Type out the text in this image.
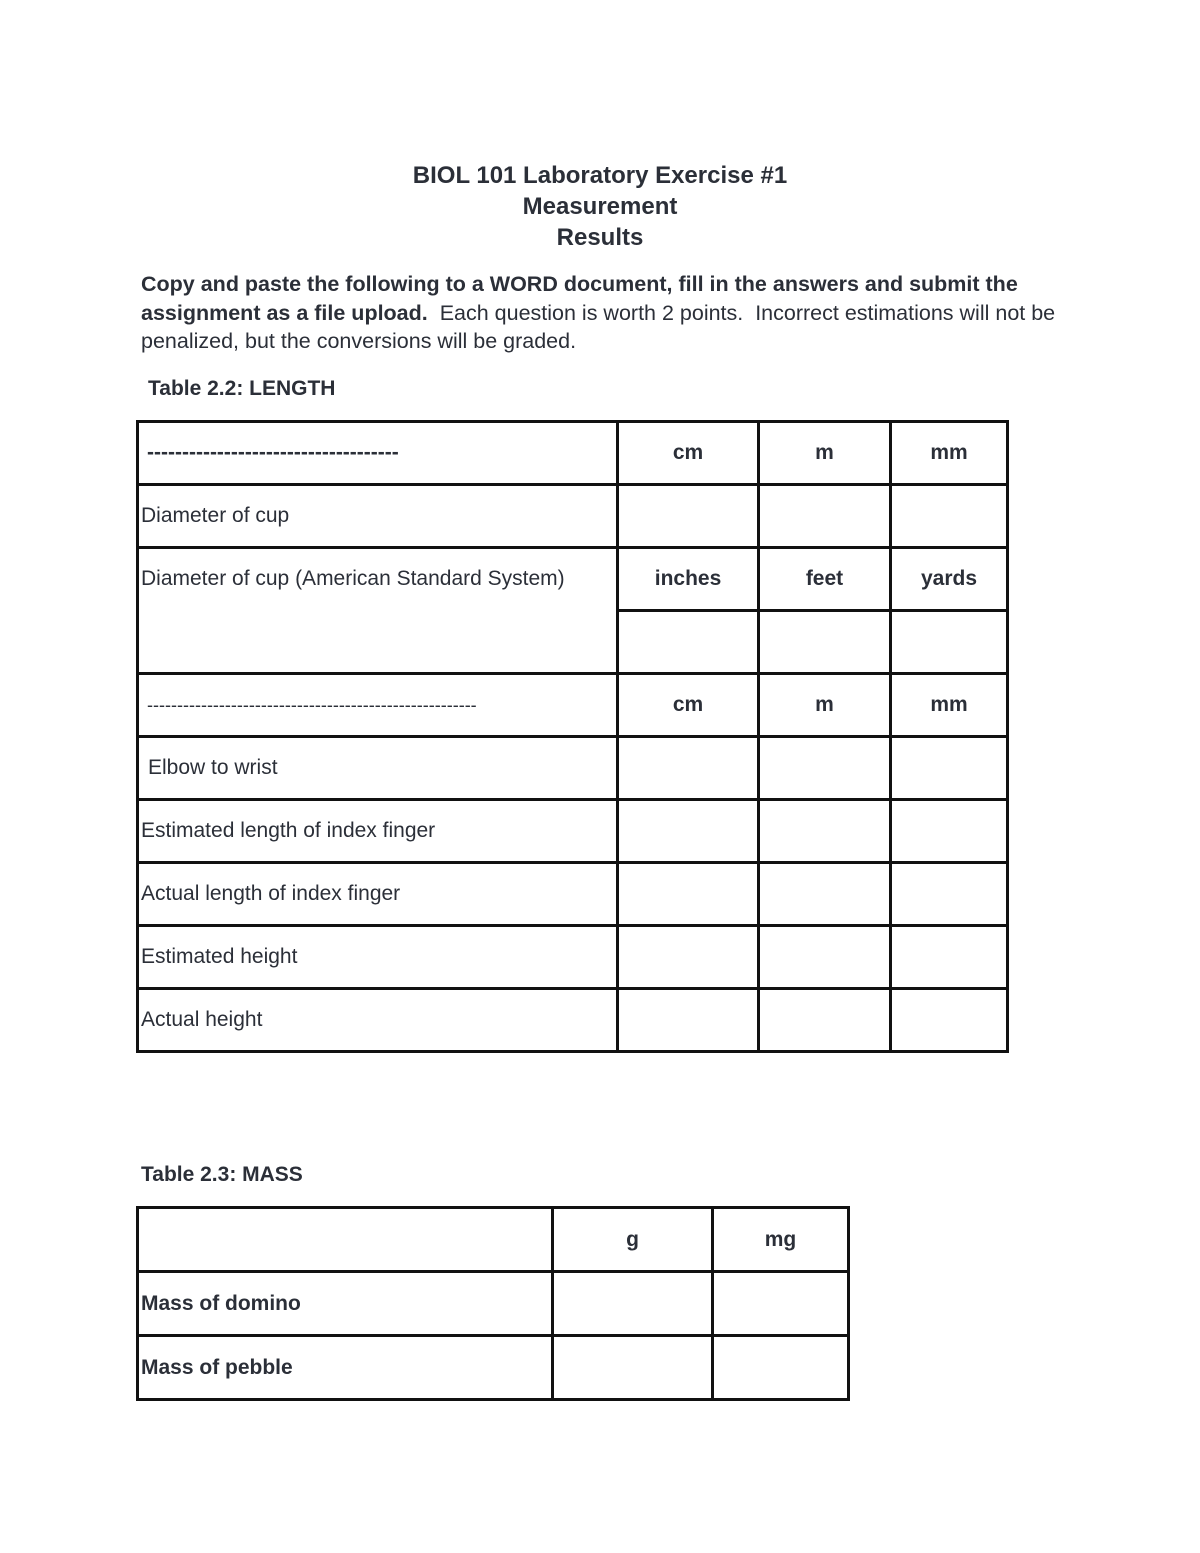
BIOL 101 Laboratory Exercise #1
Measurement
Results
Copy and paste the following to a WORD document, fill in the answers and submit the assignment as a file upload.  Each question is worth 2 points.  Incorrect estimations will not be penalized, but the conversions will be graded.
Table 2.2: LENGTH
------------------------------------	cm	m	mm
Diameter of cup			
Diameter of cup (American Standard System)	inches	feet	yards

-------------------------------------------------------	cm	m	mm
Elbow to wrist			
Estimated length of index finger			
Actual length of index finger			
Estimated height			
Actual height			
Table 2.3: MASS
	g	mg
Mass of domino		
Mass of pebble		
